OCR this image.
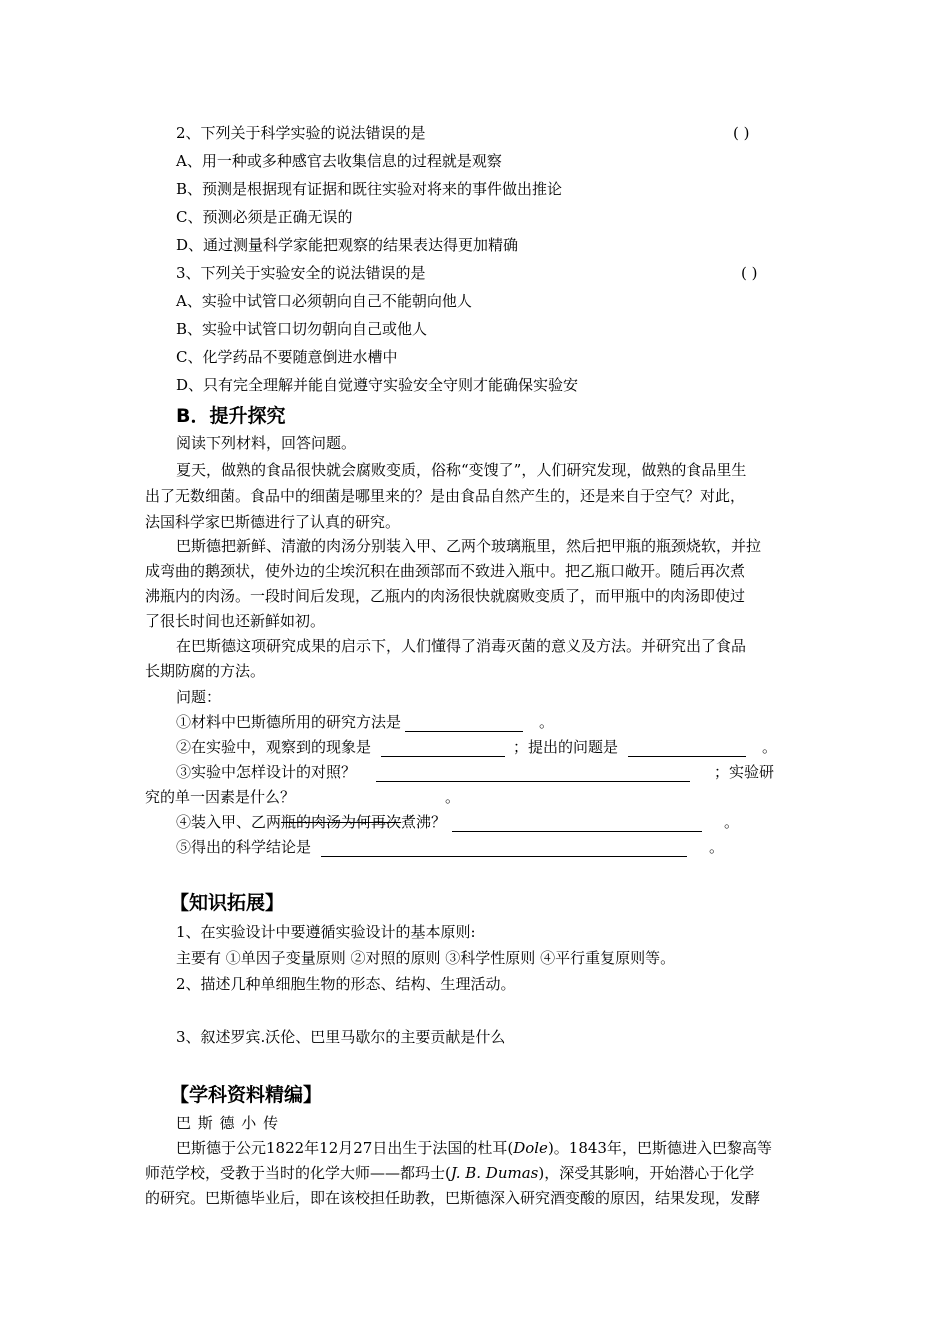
2、下列关于科学实验的说法错误的是	( )
A、用一种或多种感官去收集信息的过程就是观察
B、预测是根据现有证据和既往实验对将来的事件做出推论
C、预测必须是正确无误的
D、通过测量科学家能把观察的结果表达得更加精确
3、下列关于实验安全的说法错误的是	( )
A、实验中试管口必须朝向自己不能朝向他人
B、实验中试管口切勿朝向自己或他人
C、化学药品不要随意倒进水槽中
D、只有完全理解并能自觉遵守实验安全守则才能确保实验安
B．提升探究
阅读下列材料，回答问题。
夏天，做熟的食品很快就会腐败变质，俗称“变馊了”，人们研究发现，做熟的食品里生
出了无数细菌。食品中的细菌是哪里来的？是由食品自然产生的，还是来自于空气？对此，
法国科学家巴斯德进行了认真的研究。
巴斯德把新鲜、清澈的肉汤分别装入甲、乙两个玻璃瓶里，然后把甲瓶的瓶颈烧软，并拉
成弯曲的鹅颈状，使外边的尘埃沉积在曲颈部而不致进入瓶中。把乙瓶口敞开。随后再次煮
沸瓶内的肉汤。一段时间后发现，乙瓶内的肉汤很快就腐败变质了，而甲瓶中的肉汤即使过
了很长时间也还新鲜如初。
在巴斯德这项研究成果的启示下，人们懂得了消毒灭菌的意义及方法。并研究出了食品
长期防腐的方法。
问题：
①材料中巴斯德所用的研究方法是	。
②在实验中，观察到的现象是	；提出的问题是	。
③实验中怎样设计的对照？	；实验研
究的单一因素是什么？	。
④装入甲、乙两瓶的肉汤为何再次煮沸？	。
⑤得出的科学结论是	。
【知识拓展】
1、在实验设计中要遵循实验设计的基本原则:
主要有 ①单因子变量原则 ②对照的原则 ③科学性原则 ④平行重复原则等。
2、描述几种单细胞生物的形态、结构、生理活动。
3、叙述罗宾.沃伦、巴里马歇尔的主要贡献是什么
【学科资料精编】
巴 斯 德 小 传
巴斯德于公元1822年12月27日出生于法国的杜耳(Dole)。1843年，巴斯德进入巴黎高等
师范学校，受教于当时的化学大师——都玛士(J. B. Dumas)，深受其影响，开始潜心于化学
的研究。巴斯德毕业后，即在该校担任助教，巴斯德深入研究酒变酸的原因，结果发现，发酵
